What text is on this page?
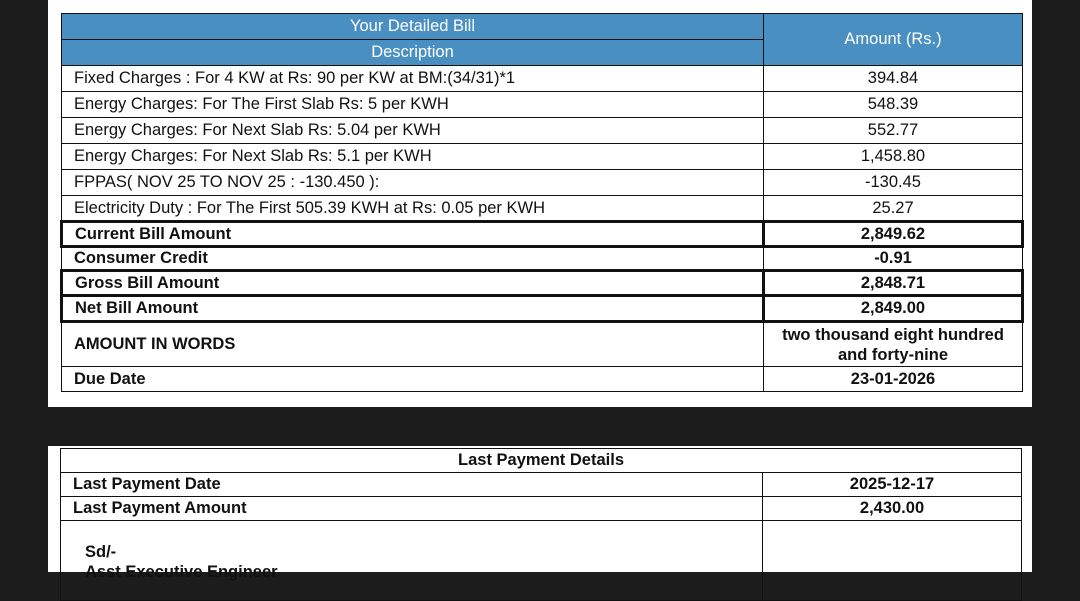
Your Detailed Bill	Amount (Rs.)
Description	
Fixed Charges : For 4 KW at Rs: 90 per KW at BM:(34/31)*1	394.84
Energy Charges: For The First Slab Rs: 5 per KWH	548.39
Energy Charges: For Next Slab Rs: 5.04 per KWH	552.77
Energy Charges: For Next Slab Rs: 5.1 per KWH	1,458.80
FPPAS( NOV 25 TO NOV 25 : -130.450 ):	-130.45
Electricity Duty : For The First 505.39 KWH at Rs: 0.05 per KWH	25.27
Current Bill Amount	2,849.62
Consumer Credit	-0.91
Gross Bill Amount	2,848.71
Net Bill Amount	2,849.00
AMOUNT IN WORDS	two thousand eight hundred and forty-nine
Due Date	23-01-2026
Last Payment Details	
Last Payment Date	2025-12-17
Last Payment Amount	2,430.00
Sd/-
Asst Executive Engineer	
